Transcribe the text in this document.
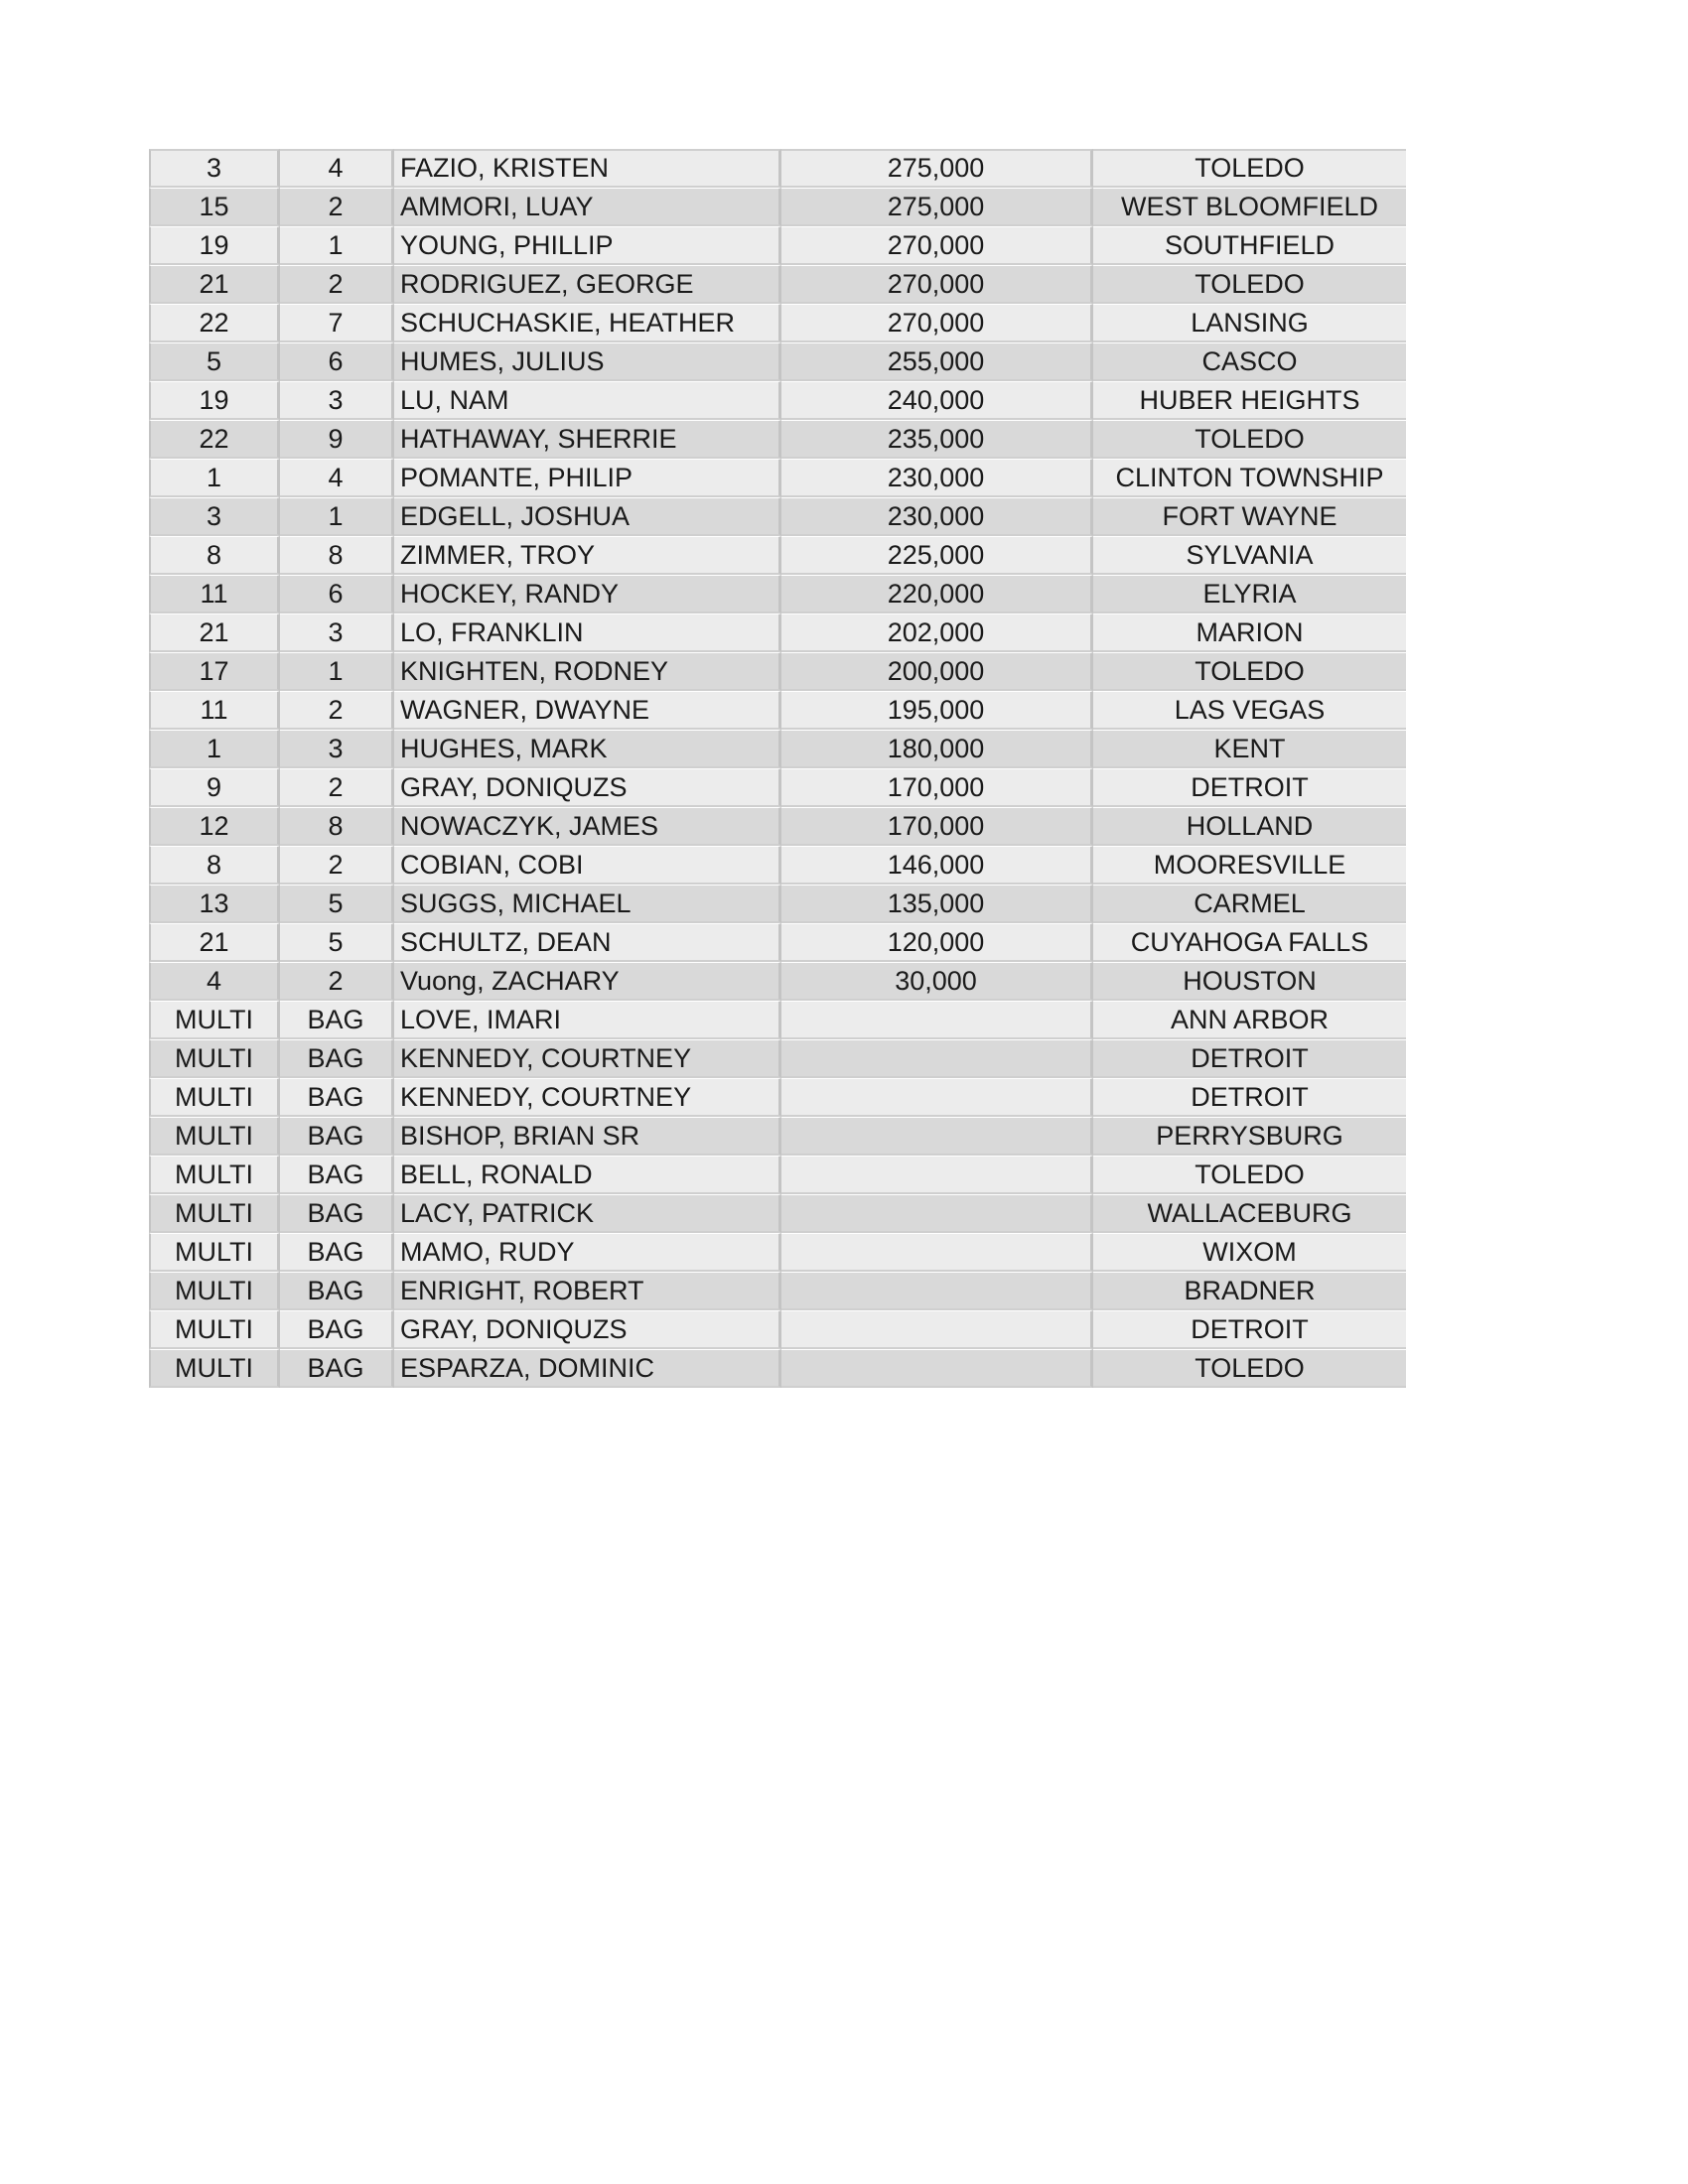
3	4	FAZIO, KRISTEN	275,000	TOLEDO
15	2	AMMORI, LUAY	275,000	WEST BLOOMFIELD
19	1	YOUNG, PHILLIP	270,000	SOUTHFIELD
21	2	RODRIGUEZ, GEORGE	270,000	TOLEDO
22	7	SCHUCHASKIE, HEATHER	270,000	LANSING
5	6	HUMES, JULIUS	255,000	CASCO
19	3	LU, NAM	240,000	HUBER HEIGHTS
22	9	HATHAWAY, SHERRIE	235,000	TOLEDO
1	4	POMANTE, PHILIP	230,000	CLINTON TOWNSHIP
3	1	EDGELL, JOSHUA	230,000	FORT WAYNE
8	8	ZIMMER, TROY	225,000	SYLVANIA
11	6	HOCKEY, RANDY	220,000	ELYRIA
21	3	LO, FRANKLIN	202,000	MARION
17	1	KNIGHTEN, RODNEY	200,000	TOLEDO
11	2	WAGNER, DWAYNE	195,000	LAS VEGAS
1	3	HUGHES, MARK	180,000	KENT
9	2	GRAY, DONIQUZS	170,000	DETROIT
12	8	NOWACZYK, JAMES	170,000	HOLLAND
8	2	COBIAN, COBI	146,000	MOORESVILLE
13	5	SUGGS, MICHAEL	135,000	CARMEL
21	5	SCHULTZ, DEAN	120,000	CUYAHOGA FALLS
4	2	Vuong, ZACHARY	30,000	HOUSTON
MULTI	BAG	LOVE, IMARI		ANN ARBOR
MULTI	BAG	KENNEDY, COURTNEY		DETROIT
MULTI	BAG	KENNEDY, COURTNEY		DETROIT
MULTI	BAG	BISHOP, BRIAN SR		PERRYSBURG
MULTI	BAG	BELL, RONALD		TOLEDO
MULTI	BAG	LACY, PATRICK		WALLACEBURG
MULTI	BAG	MAMO, RUDY		WIXOM
MULTI	BAG	ENRIGHT, ROBERT		BRADNER
MULTI	BAG	GRAY, DONIQUZS		DETROIT
MULTI	BAG	ESPARZA, DOMINIC		TOLEDO
